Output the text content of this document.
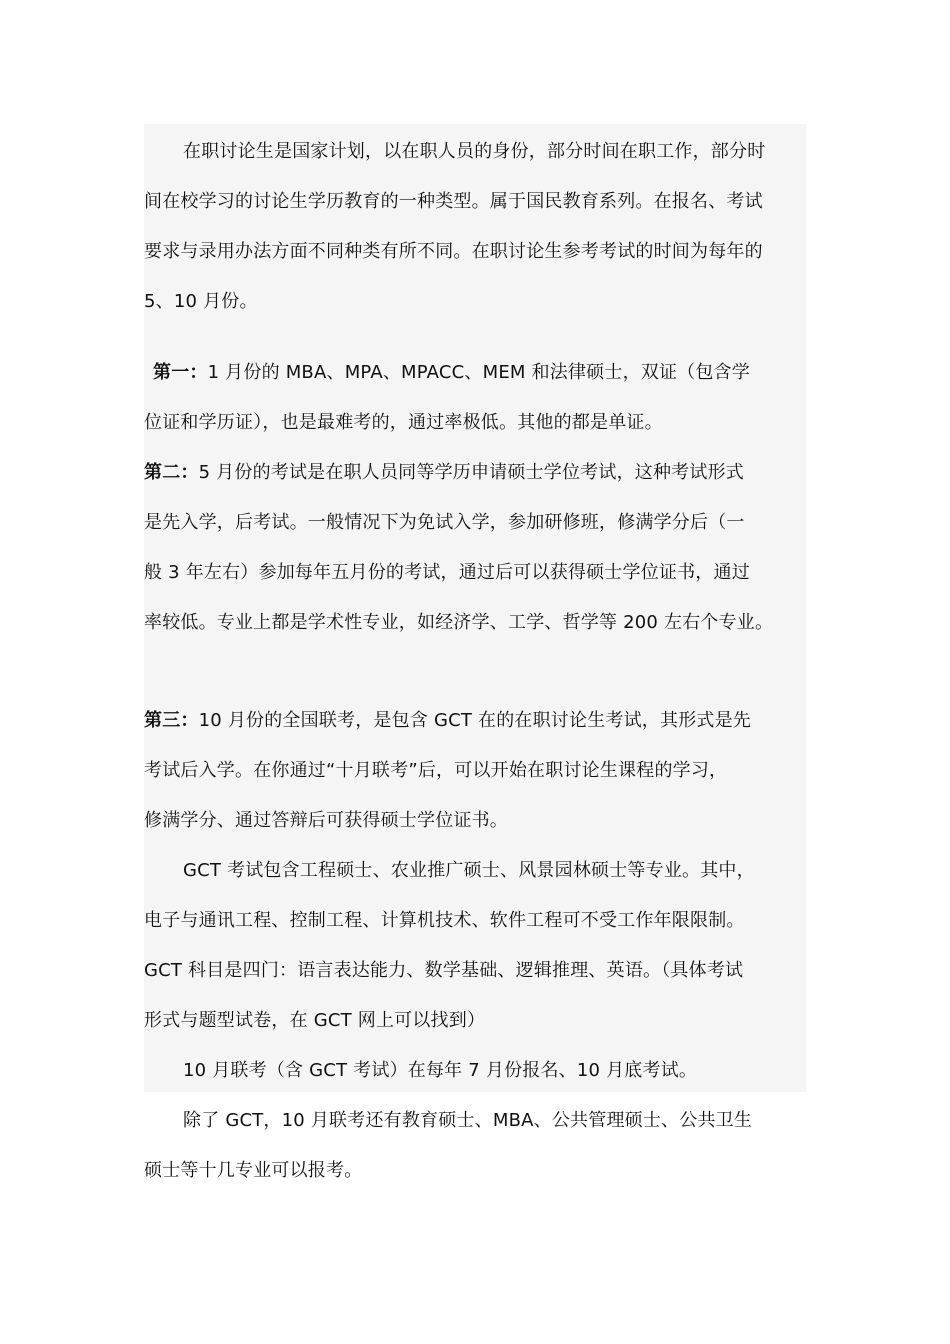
在职讨论生是国家计划，以在职人员的身份，部分时间在职工作，部分时
间在校学习的讨论生学历教育的一种类型。属于国民教育系列。在报名、考试
要求与录用办法方面不同种类有所不同。在职讨论生参考考试的时间为每年的
5、10 月份。
第一：1 月份的 MBA、MPA、MPACC、MEM 和法律硕士，双证（包含学
位证和学历证），也是最难考的，通过率极低。其他的都是单证。
第二：5 月份的考试是在职人员同等学历申请硕士学位考试，这种考试形式
是先入学，后考试。一般情况下为免试入学，参加研修班，修满学分后（一
般 3 年左右）参加每年五月份的考试，通过后可以获得硕士学位证书，通过
率较低。专业上都是学术性专业，如经济学、工学、哲学等 200 左右个专业。
第三：10 月份的全国联考，是包含 GCT 在的在职讨论生考试，其形式是先
考试后入学。在你通过“十月联考”后，可以开始在职讨论生课程的学习，
修满学分、通过答辩后可获得硕士学位证书。
GCT 考试包含工程硕士、农业推广硕士、风景园林硕士等专业。其中，
电子与通讯工程、控制工程、计算机技术、软件工程可不受工作年限限制。
GCT 科目是四门：语言表达能力、数学基础、逻辑推理、英语。（具体考试
形式与题型试卷，在 GCT 网上可以找到）
10 月联考（含 GCT 考试）在每年 7 月份报名、10 月底考试。
除了 GCT，10 月联考还有教育硕士、MBA、公共管理硕士、公共卫生
硕士等十几专业可以报考。
